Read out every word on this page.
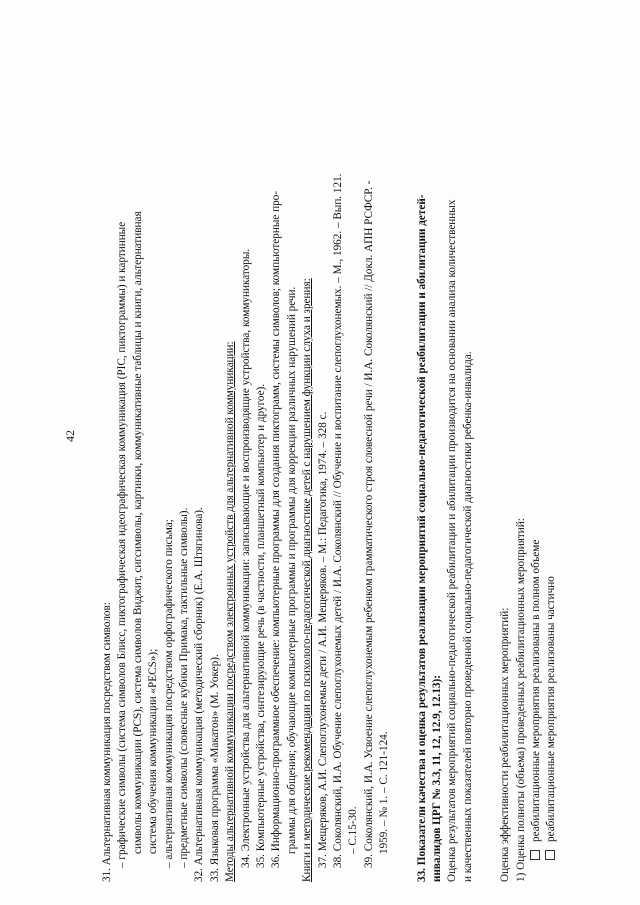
42
31. Альтернативная коммуникация посредством символов: – графические символы (система символов Блисс, пиктографическая идеографическая коммуникация (PIC, пиктограммы) и картинные символы коммуникации (PCS), система символов Виджит, сигсимволы, картинки, коммуникативные таблицы и книги, альтернативная система обучения коммуникации «PECS»); – альтернативная коммуникация посредством орфографического письма; – предметные символы (словесные кубики Примака, тактильные символы). 32. Альтернативная коммуникация (методический сборник) (Е.А. Штягинова). 33. Языковая программа «Макатон» (М. Уокер). Методы альтернативной коммуникации посредством электронных устройств для альтернативной коммуникации: 34. Электронные устройства для альтернативной коммуникации: записывающие и воспроизводящие устройства, коммуникаторы. 35. Компьютерные устройства, синтезирующие речь (в частности, планшетный компьютер и другое). 36. Информационно-программное обеспечение: компьютерные программы для создания пиктограмм, системы символов; компьютерные про- граммы для общения; обучающие компьютерные программы и программы для коррекции различных нарушений речи. Книги и методические рекомендации по психолого-педагогической диагностике детей с нарушением функции слуха и зрения: 37. Мещеряков, А.И. Слепоглухонемые дети / А.И. Мещеряков. – М.: Педагогика, 1974. – 328 с. 38. Соколянский, И.А. Обучение слепоглухонемых детей / И.А. Соколянский // Обучение и воспитание слепоглухонемых. – М., 1962. – Вып. 121. – С.15-30. 39. Соколянский, И.А. Усвоение слепоглухонемым ребенком грамматического строя словесной речи / И.А. Соколянский // Докл. АПН РСФСР. - 1959. – № 1. – С. 121-124. 33. Показатели качества и оценка результатов реализации мероприятий социально-педагогической реабилитации и абилитации детей- инвалидов ЦРГ № 3.3, 11, 12, 12.9, 12.13): Оценка результатов мероприятий социально-педагогической реабилитации и абилитации производится на основании анализа количественных и качественных показателей повторно проведенной социально-педагогической диагностики ребенка-инвалида. Оценка эффективности реабилитационных мероприятий: 1) Оценка полноты (объема) проведенных реабилитационных мероприятий: реабилитационные мероприятия реализованы в полном объеме реабилитационные мероприятия реализованы частично
